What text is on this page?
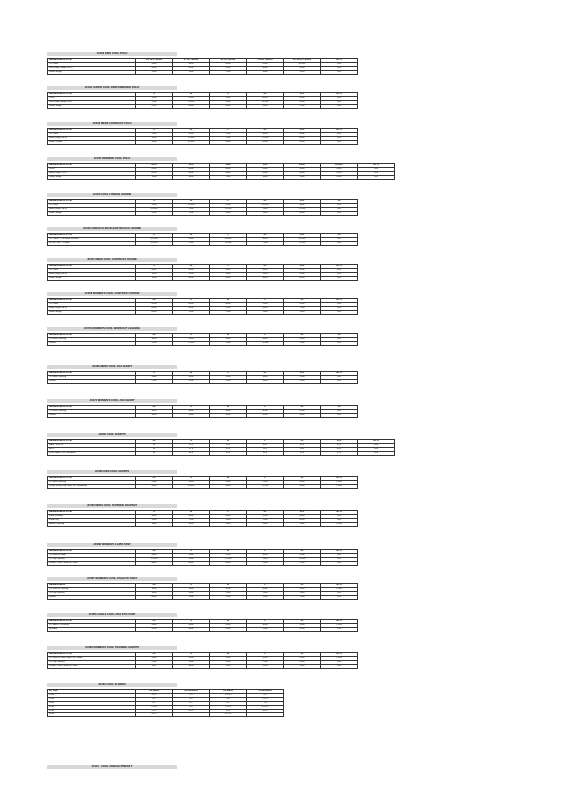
JC003 KIDS COOL POLO
Measurements in CM	XS- 3/4 YEARS	S- 5/6 YEARS	M-7/8 YEARS	L-9/11 YEARS	XL-12/13 YEARS	Tol +/-
1/2 Chest	33cm	36cm	39cm	42cm	44.5cm	2cm
Front Body Length (HPS)	45cm	50cm	55cm	60cm	65cm	2cm
Sleeve length	12cm	13cm	17cm	18cm	19cm	1cm
JC031 SUPER COOL PERFORMANCE POLO
Measurements in CM	S	M	L	XL	XXL	Tol +/-
Chest	52cm	55cm	57cm	60cm	63cm	2cm
Front Body Length- HPS	71cm	73.5cm	76cm	78.5cm	81cm	2cm
Sleeve length	22cm	24cm	25cm	26cm	27cm	1cm
JC033 MENS CONTRAST POLO
Measurements in CM	S	M	L	XL	XXL	Tol +/-
1/2 Chest	51cm	55cm	57cm	60cm	63cm	2cm
Body Length (HPS)	74cm	75.5cm	77cm	77.5cm	80cm	2cm
Sleeve Length	26cm	30.5cm	38cm	40cm	42cm	1cm
JC045 WOMENS COOL POLO
Measurements in CM	8/XS	10/S	12/M	14/L	16/XL	18/XXL	Tol +/-
Chest	42cm	46cm	50cm	54cm	58cm	62cm	2cm
Body Length - HPS	62cm	63cm	64cm	65cm	66cm	67cm	2cm
Sleeve length	15cm	16cm	17cm	18cm	19cm	20cm	1cm
JC053 COOL FITNESS HOODIE
Measurements in CM	S	M	L	XL	XXL	Tol
1/2 Chest	52cm	55.5cm	59cm	62.5cm	66cm	2cm
Body Length (HPS)	69.5cm	71cm	72.5cm	74cm	75.5cm	2cm
Sleeve length	70cm	72cm	76cm	78cm	80cm	1cm
JC053 URBAN SLEEVELESS MUSCLE HOODIE
Measurements in CM	S	M	L	XL	XXL	Tol
1/2 CHEST 1 cm below armhole	49.5cm	53cm	56.5cm	60cm	63.5cm	2cm
FRONT HSP TO HEM	69.5cm	71cm	74.5cm	77cm	79.5cm	1cm
JC057 MENS COOL CONTRAST ZOODIE
Measurements in CM	S	M	L	XL	XXL	Tol +/-
1/2 Chest	46cm	50cm	54cm	58cm	62cm	2cm
Body Length (HPS)	70cm	72cm	74cm	76cm	78cm	2cm
Sleeve length	76cm	80cm	82cm	84cm	86cm	1cm
JC058 WOMEN'S COOL CONTRAST ZOODIE
Measurements in CM	XS	S	M	L	XL	Tol +/-
1/2 Chest	42cm	45cm	48cm	51cm	55cm	2cm
Body Length (HPS)	63cm	65cm	67cm	69cm	71cm	2cm
Sleeve length	68cm	70cm	72cm	74cm	76cm	1cm
JC079 WOMEN'S COOL WORKOUT LEGGING
Measurements in CM	XS	S	M	L	XL	Tol
1/2 Waist Opening	30cm	32cm	35cm	38cm	41cm	2cm
Inseam	71cm	71.5cm	72cm	72.5cm	73cm	2cm
JC080 MENS COOL JOG SHORT
Measurements in CM	S	M	L	XL	XXL	Tol +/-
1/2 Waist Opening	33cm	35cm	37cm	39cm	41cm	2cm
Inseam	21cm	22cm	23cm	24cm	25cm	1cm
JC074 WOMEN'S COOL JOG SHORT
Measurements in CM	XS	S	M	L	XL	Tol
1/2 Waist Opening	34cm	36cm	38cm	40cm	42cm	2cm
Inseam	10cm	10cm	10cm	10cm	10cm	1cm
JC085 COOL SHORTS
Measurements in CM	XS	S	M	L	XL	XXL	Tol +/-
WAIST WIDTH	32	35.5	38.0	40.5	43.0	45.5	2cm
HIPS	50	52.0	54.0	56.0	58.0	60.0	2cm
SIDE SEAM - Inc. waistband	43	44.0	45.0	46.0	50.0	52.0	1cm
JC086 KIDS COOL SHORTS
Measurements in CM	XS	S	M	L	XL	Tol +/-
1/2 Waist Opening	21cm	23cm	25cm	27cm	29cm	1.5cm
Length (along side seam, inc. waistband)	33cm	34.5cm	36cm	37.5cm	39cm	1.5cm
JC083 MENS COOL TAPERED JOGPANT
Measurements in CM	S	M	L	XL	XXL	Tol +/-
Waist (relaxed)	36cm	38cm	40cm	42cm	44cm	2cm
Inside Leg	76cm	77cm	78cm	79cm	80cm	2cm
Bottom Opening	14cm	14cm	14cm	14cm	14cm	0.5cm
JC088 WOMEN'S CAPRI PANT
Measurements in CM	XS	S	M	L	XL	Tol +/-
1/2 Waist at Seam	33cm	35cm	37cm	39cm	41cm	2cm
1/2 Leg Opening	11.5cm	12cm	12.5cm	13cm	13.5cm	1cm
Inseam- From Centre of Crotch	48cm	49cm	50cm	51cm	52cm	1cm
JC087 WOMEN'S COOL ATHLETIC PANT
Measurements	XS	S	M	L	XL	Tol +/-
1/2 Waist at Opening	33cm	35cm	37cm	39cm	41cm	1.5cm
1/2 Leg Opening	10cm	10cm	11cm	11cm	12cm	1cm
Inseam	69cm	70cm	71cm	72cm	73cm	1cm
JC087J GIRLS COOL ATHLETIC PANT
Measurements in CM	XS	S	M	L	XL	Tol +/-
1/2 WAIST OPENING	24cm	26cm	28cm	30cm	32cm	1.5cm
INSEAM	45cm	48cm	51cm	61cm	67cm	1cm
JC088 WOMEN'S COOL TRAINING SHORTS
Measurements in CM	XS	S	M	L	XL	Tol +/-
1/2 Waist at Seam WAIST AT SEAM	33cm	35cm	37cm	39cm	41cm	1.5cm
1/2 Leg Opening	21cm	23cm	25cm	27cm	29cm	1cm
Inseam- From Centre of Crotch	9cm	10cm	11cm	12cm	13cm	1cm
JC063 COOL SLIDERS
EU Size	UK Mens	UK Womens	US Mens	US Womens
35/36	3-3.5	2-3	3.5-4.5	4-5
37/38	4-5	4-5	5-6	5.5-6.5
39/40	6-7	6-7	6-7	7-8
41/42	7.5-8.5	8-9	7.5-8.5	8.5-9.5
43/44	9-9.5	10-11	9-10	10-11
45/46	10-11		11-11.5	
JC110 - COOL URBAN FITNESS T
